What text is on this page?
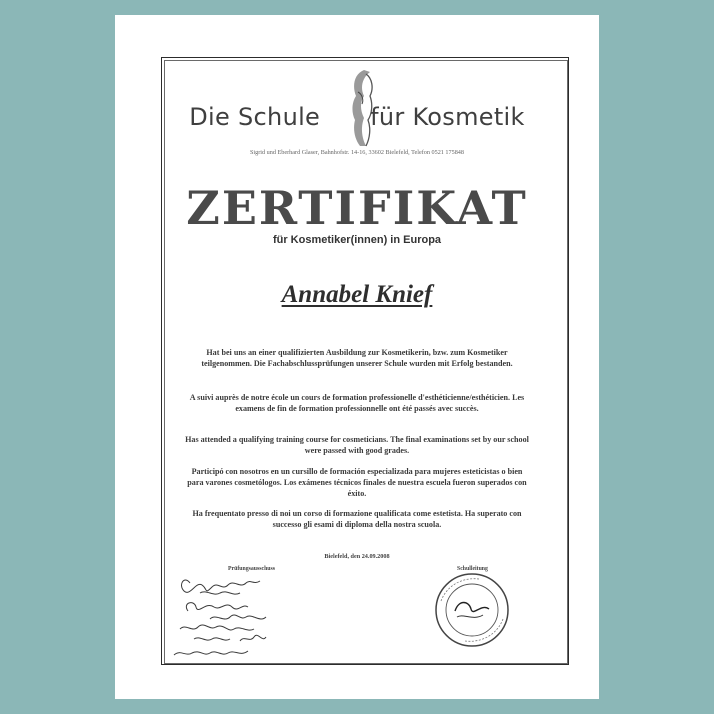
Die Schule für Kosmetik
Sigrid und Eberhard Glaser, Bahnhofstr. 14-16, 33602 Bielefeld, Telefon 0521 175848
ZERTIFIKAT
für Kosmetiker(innen) in Europa
Annabel Knief
Hat bei uns an einer qualifizierten Ausbildung zur Kosmetikerin, bzw. zum Kosmetiker teilgenommen. Die Fachabschlussprüfungen unserer Schule wurden mit Erfolg bestanden.
A suivi auprès de notre école un cours de formation professionelle d'esthéticienne/esthéticien. Les examens de fin de formation professionnelle ont été passés avec succès.
Has attended a qualifying training course for cosmeticians. The final examinations set by our school were passed with good grades.
Participó con nosotros en un cursillo de formación especializada para mujeres esteticistas o bien para varones cosmetólogos. Los exámenes técnicos finales de nuestra escuela fueron superados con éxito.
Ha frequentato presso di noi un corso di formazione qualificata come estetista. Ha superato con successo gli esami di diploma della nostra scuola.
Bielefeld, den 24.09.2008
Prüfungsausschuss	Schulleitung
